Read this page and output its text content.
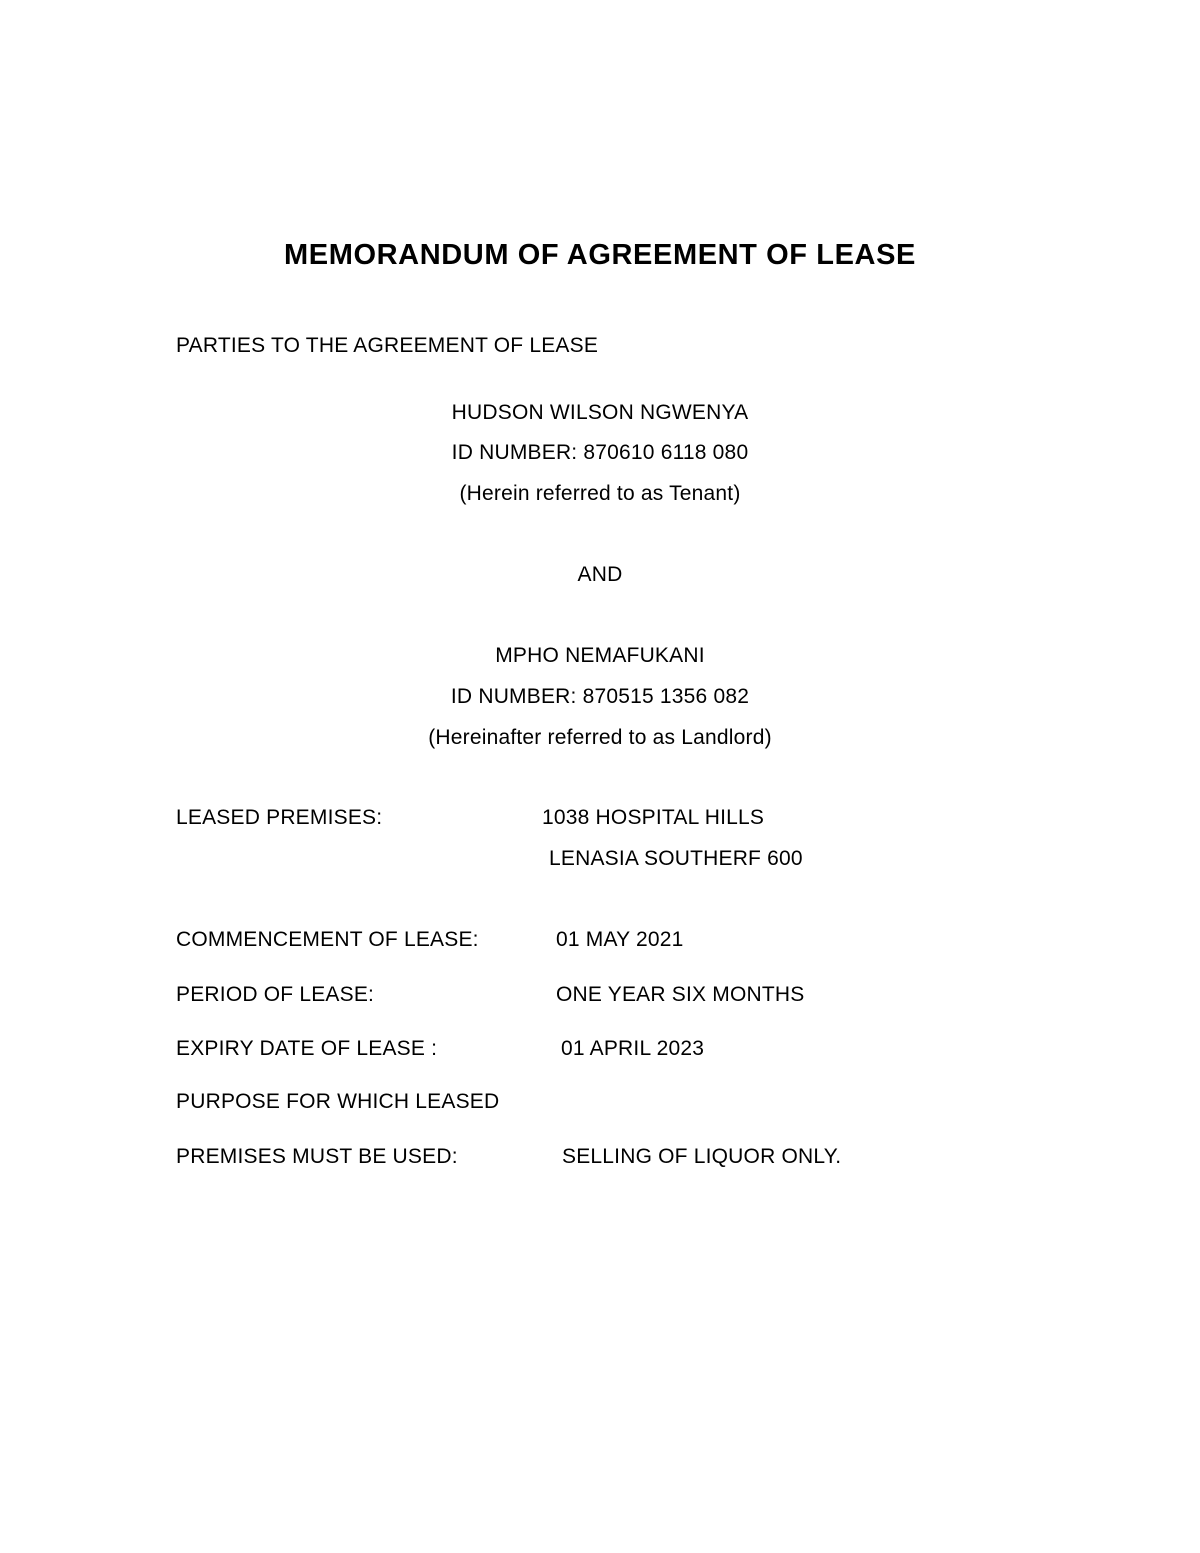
MEMORANDUM OF AGREEMENT OF LEASE
PARTIES TO THE AGREEMENT OF LEASE
HUDSON WILSON NGWENYA
ID NUMBER: 870610 6118 080
(Herein referred to as Tenant)
AND
MPHO NEMAFUKANI
ID NUMBER: 870515 1356 082
(Hereinafter referred to as Landlord)
LEASED PREMISES:	1038 HOSPITAL HILLS
LENASIA SOUTHERF 600
COMMENCEMENT OF LEASE:	01 MAY 2021
PERIOD OF LEASE:	ONE YEAR SIX MONTHS
EXPIRY DATE OF LEASE :	01 APRIL 2023
PURPOSE FOR WHICH LEASED
PREMISES MUST BE USED:	SELLING OF LIQUOR ONLY.
